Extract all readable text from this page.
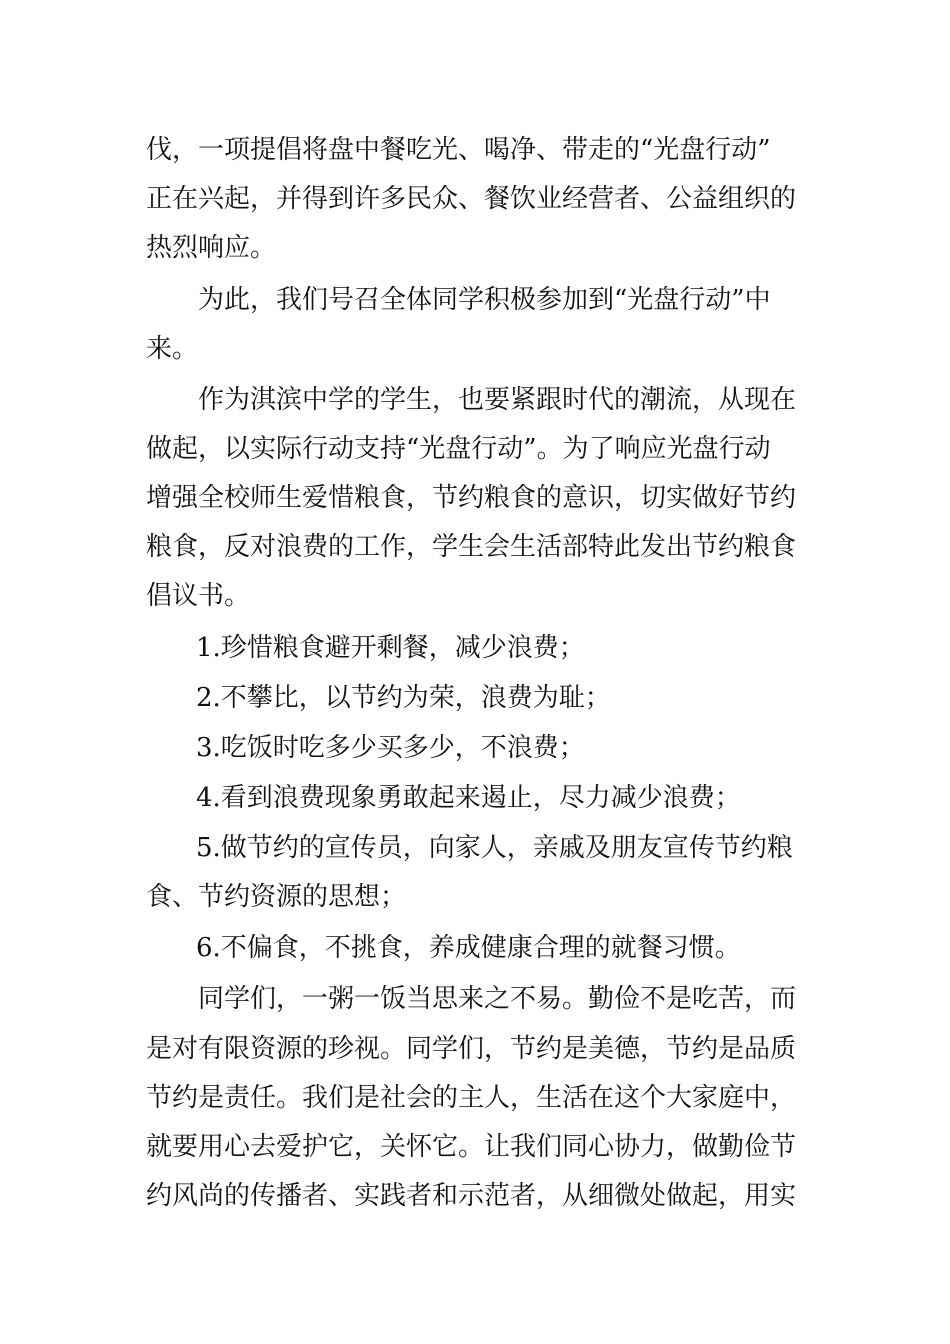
伐，一项提倡将盘中餐吃光、喝净、带走的“光盘行动”
正在兴起，并得到许多民众、餐饮业经营者、公益组织的
热烈响应。
为此，我们号召全体同学积极参加到“光盘行动”中
来。
作为淇滨中学的学生，也要紧跟时代的潮流，从现在
做起，以实际行动支持“光盘行动”。为了响应光盘行动
增强全校师生爱惜粮食，节约粮食的意识，切实做好节约
粮食，反对浪费的工作，学生会生活部特此发出节约粮食
倡议书。
1.珍惜粮食避开剩餐，减少浪费；
2.不攀比，以节约为荣，浪费为耻；
3.吃饭时吃多少买多少，不浪费；
4.看到浪费现象勇敢起来遏止，尽力减少浪费；
5.做节约的宣传员，向家人，亲戚及朋友宣传节约粮
食、节约资源的思想；
6.不偏食，不挑食，养成健康合理的就餐习惯。
同学们，一粥一饭当思来之不易。勤俭不是吃苦，而
是对有限资源的珍视。同学们，节约是美德，节约是品质
节约是责任。我们是社会的主人，生活在这个大家庭中，
就要用心去爱护它，关怀它。让我们同心协力，做勤俭节
约风尚的传播者、实践者和示范者，从细微处做起，用实
